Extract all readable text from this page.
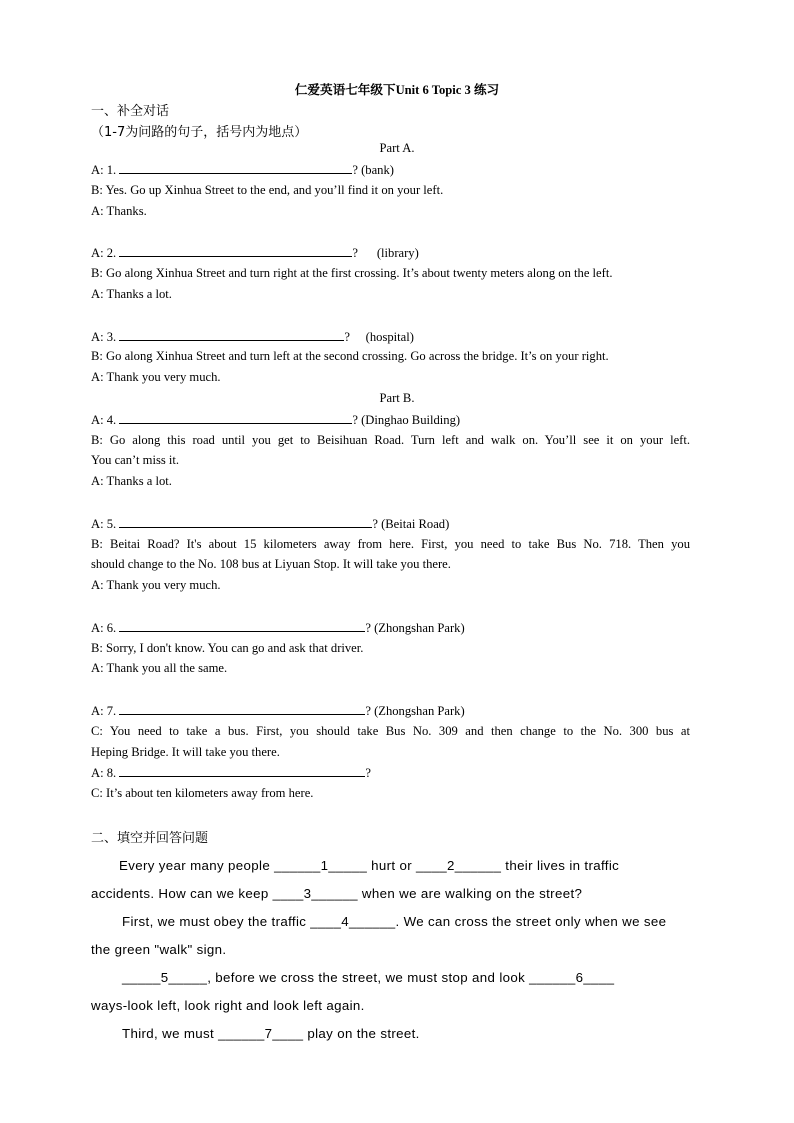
仁爱英语七年级下Unit 6 Topic 3 练习
一、补全对话
（1-7为问路的句子，括号内为地点）
Part A.
A: 1.	? (bank)
B: Yes. Go up Xinhua Street to the end, and you’ll find it on your left.
A: Thanks.
A: 2.	?      (library)
B: Go along Xinhua Street and turn right at the first crossing. It’s about twenty meters along on the left.
A: Thanks a lot.
A: 3.	?     (hospital)
B: Go along Xinhua Street and turn left at the second crossing. Go across the bridge. It’s on your right.
A: Thank you very much.
Part B.
A: 4.	? (Dinghao Building)
B: Go along this road until you get to Beisihuan Road. Turn left and walk on. You’ll see it on your left.
You can’t miss it.
A: Thanks a lot.
A: 5.	? (Beitai Road)
B: Beitai Road? It's about 15 kilometers away from here. First, you need to take Bus No. 718. Then you
should change to the No. 108 bus at Liyuan Stop. It will take you there.
A: Thank you very much.
A: 6.	? (Zhongshan Park)
B: Sorry, I don't know. You can go and ask that driver.
A: Thank you all the same.
A: 7.	? (Zhongshan Park)
C: You need to take a bus. First, you should take Bus No. 309 and then change to the No. 300 bus at
Heping Bridge. It will take you there.
A: 8.	?
C: It’s about ten kilometers away from here.
二、填空并回答问题
Every year many people ______1_____ hurt or ____2______ their lives in traffic
accidents. How can we keep ____3______ when we are walking on the street?
First, we must obey the traffic ____4______. We can cross the street only when we see
the green "walk" sign.
_____5_____, before we cross the street, we must stop and look ______6____
ways-look left, look right and look left again.
Third, we must ______7____ play on the street.
